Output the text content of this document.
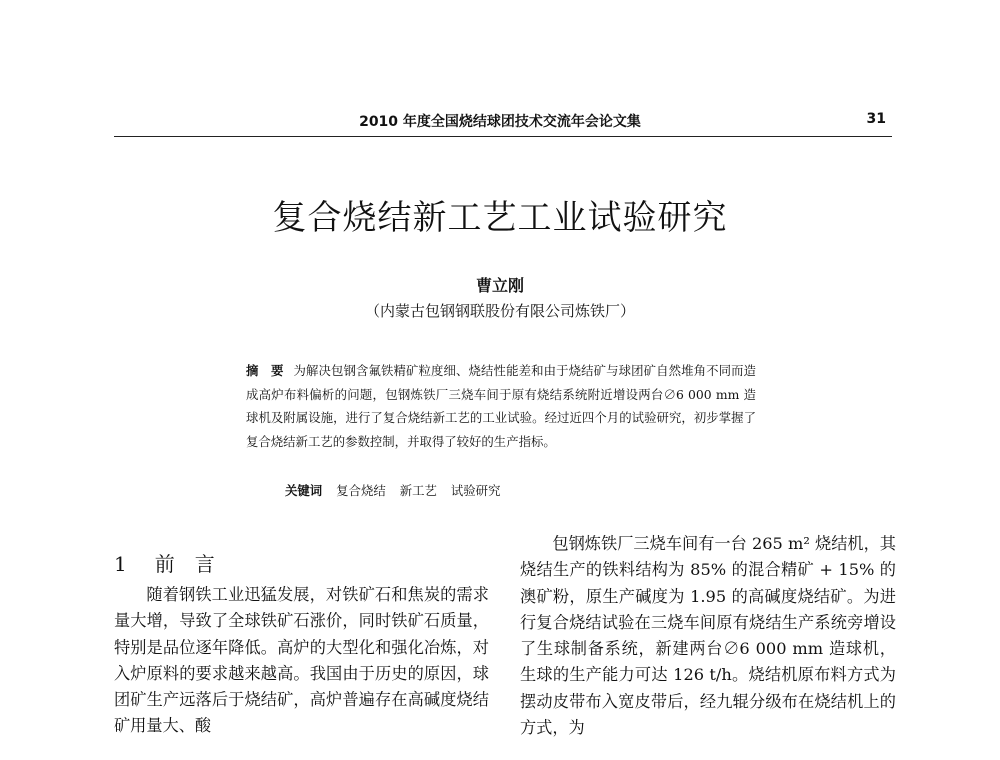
2010 年度全国烧结球团技术交流年会论文集	31
复合烧结新工艺工业试验研究
曹立刚
（内蒙古包钢钢联股份有限公司炼铁厂）

摘　要 为解决包钢含氟铁精矿粒度细、烧结性能差和由于烧结矿与球团矿自然堆角不同而造成高炉布料偏析的问题，包钢炼铁厂三烧车间于原有烧结系统附近增设两台∅6 000 mm 造球机及附属设施，进行了复合烧结新工艺的工业试验。经过近四个月的试验研究，初步掌握了复合烧结新工艺的参数控制，并取得了较好的生产指标。

关键词 复合烧结 新工艺 试验研究

1 前言

随着钢铁工业迅猛发展，对铁矿石和焦炭的需求量大增，导致了全球铁矿石涨价，同时铁矿石质量，特别是品位逐年降低。高炉的大型化和强化冶炼，对入炉原料的要求越来越高。我国由于历史的原因，球团矿生产远落后于烧结矿，高炉普遍存在高碱度烧结矿用量大、酸

包钢炼铁厂三烧车间有一台 265 m² 烧结机，其烧结生产的铁料结构为 85% 的混合精矿 + 15% 的澳矿粉，原生产碱度为 1.95 的高碱度烧结矿。为进行复合烧结试验在三烧车间原有烧结生产系统旁增设了生球制备系统，新建两台∅6 000 mm 造球机，生球的生产能力可达 126 t/h。烧结机原布料方式为摆动皮带布入宽皮带后，经九辊分级布在烧结机上的方式，为
